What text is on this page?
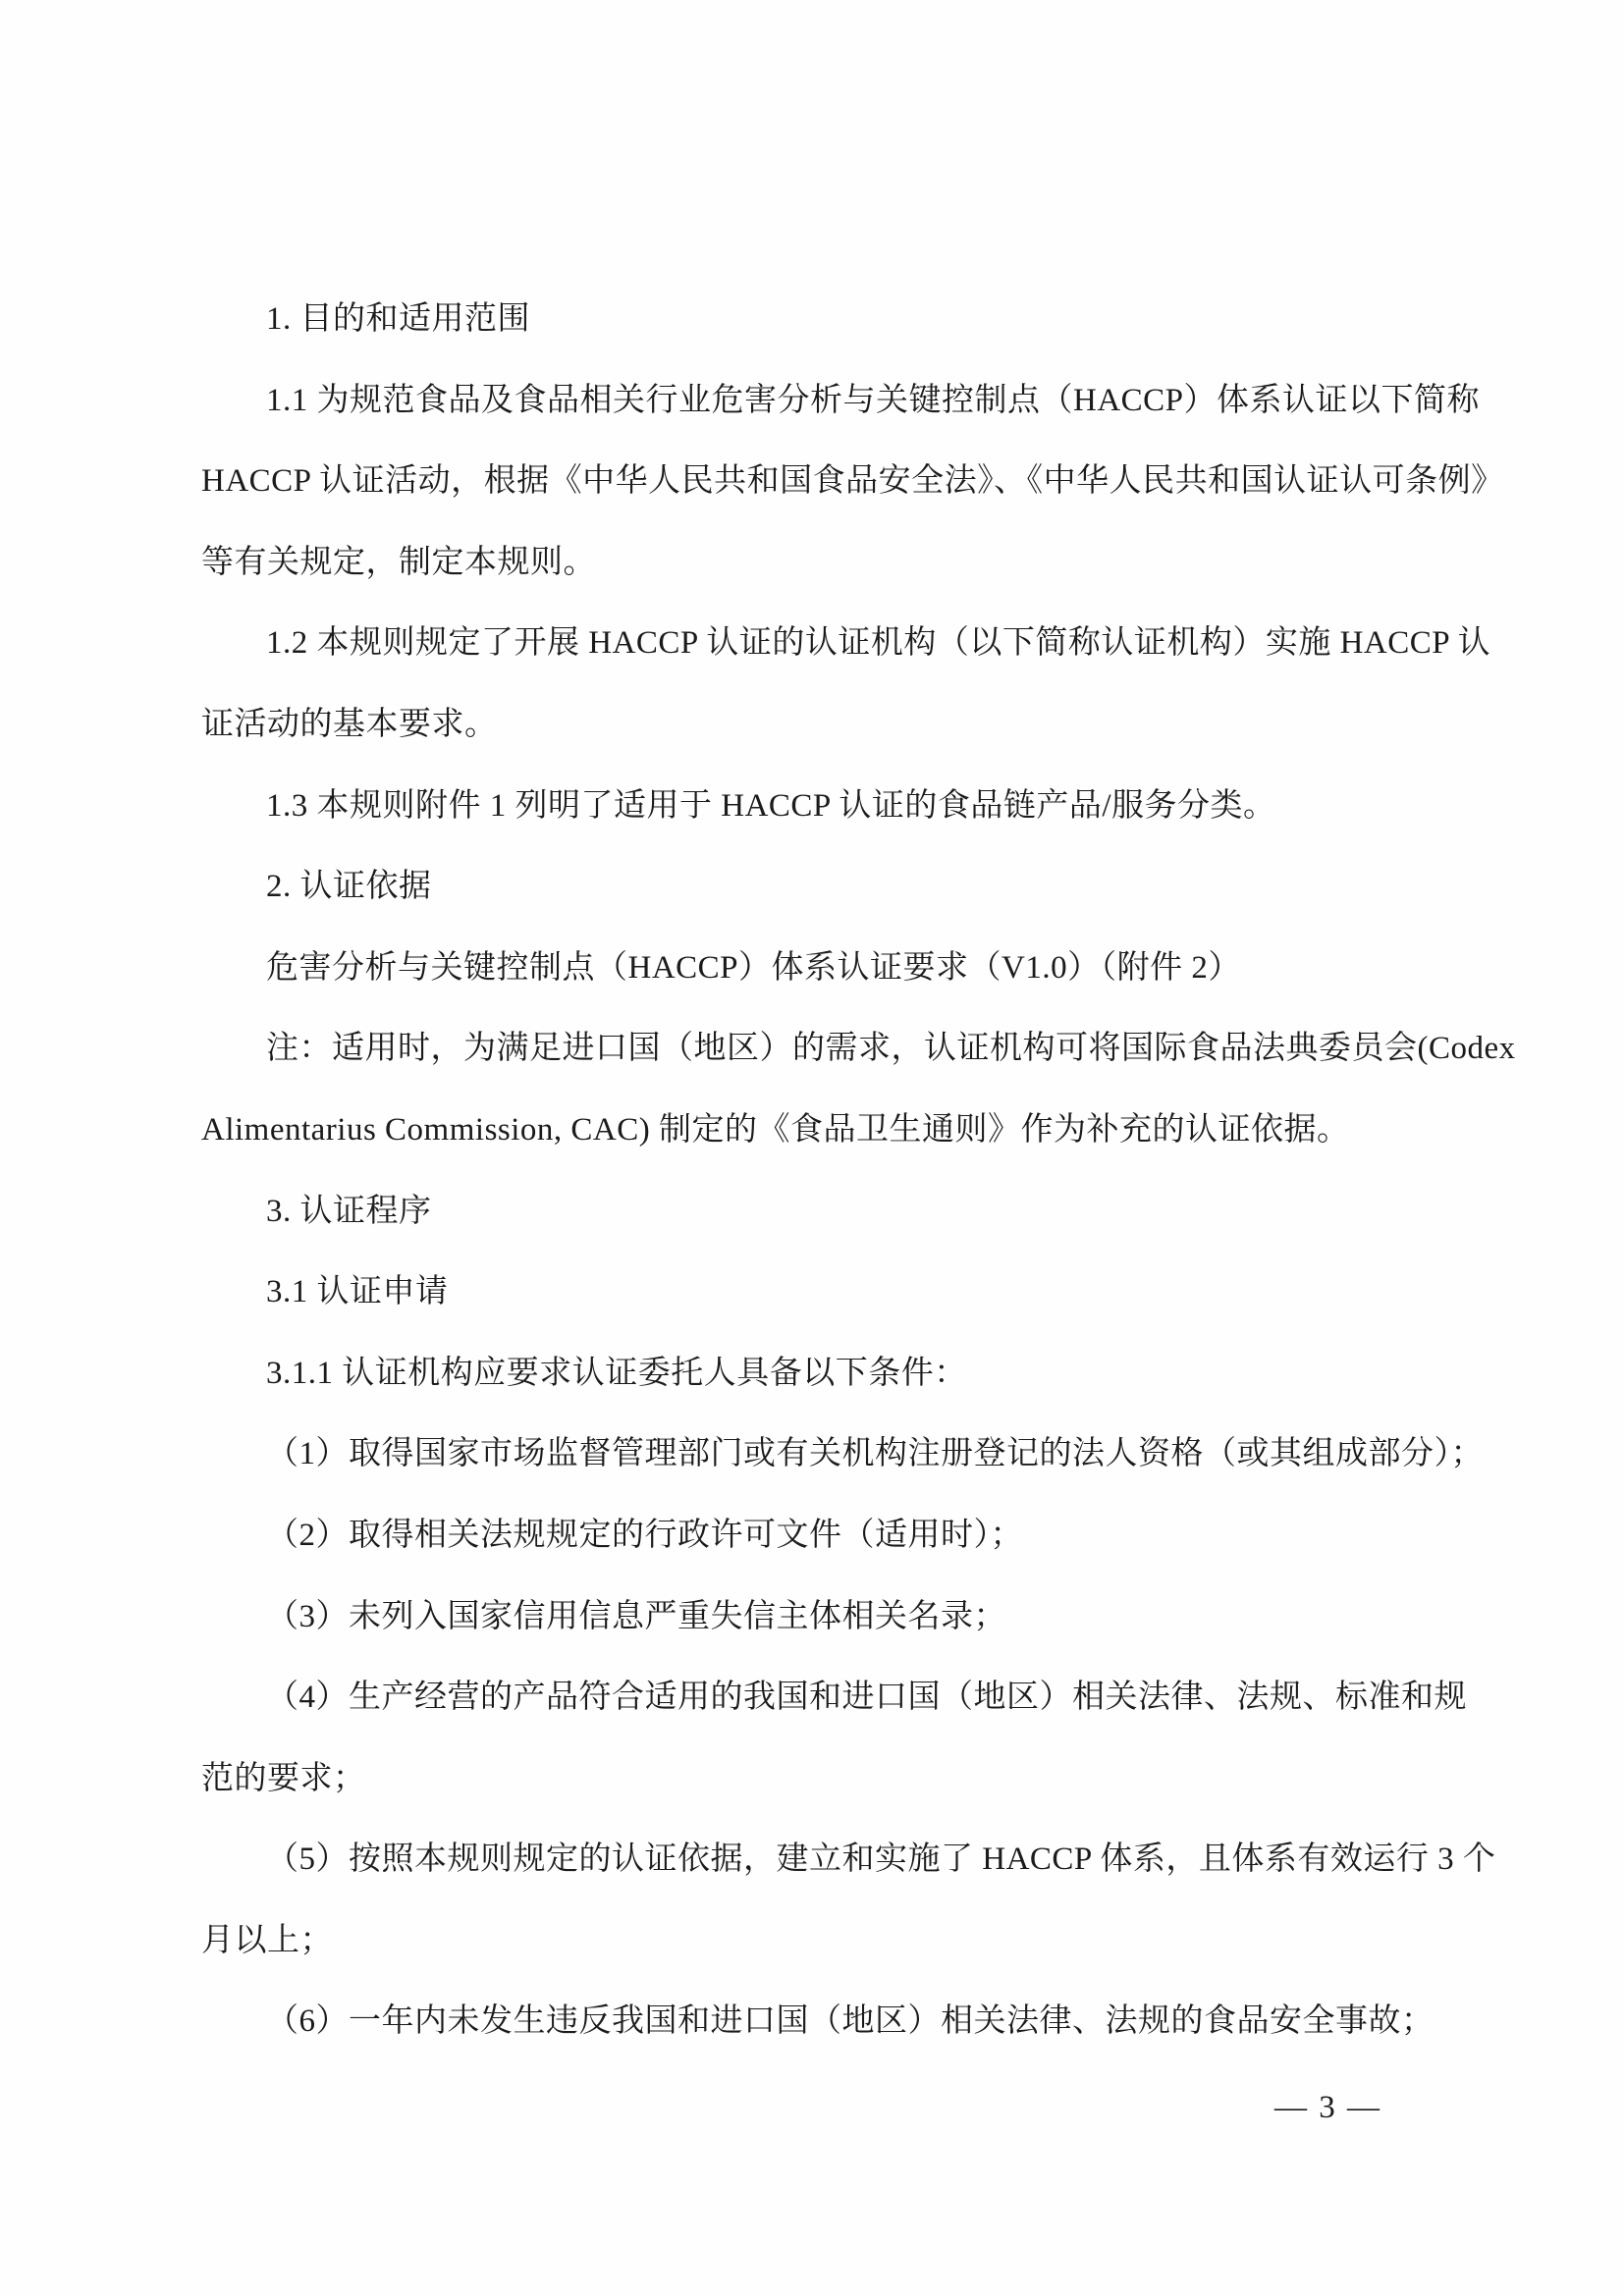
1. 目的和适用范围
1.1 为规范食品及食品相关行业危害分析与关键控制点（HACCP）体系认证以下简称
HACCP 认证活动，根据《中华人民共和国食品安全法》、《中华人民共和国认证认可条例》
等有关规定，制定本规则。
1.2 本规则规定了开展 HACCP 认证的认证机构（以下简称认证机构）实施 HACCP 认
证活动的基本要求。
1.3 本规则附件 1 列明了适用于 HACCP 认证的食品链产品/服务分类。
2. 认证依据
危害分析与关键控制点（HACCP）体系认证要求（V1.0）（附件 2）
注：适用时，为满足进口国（地区）的需求，认证机构可将国际食品法典委员会(Codex
Alimentarius Commission, CAC) 制定的《食品卫生通则》作为补充的认证依据。
3. 认证程序
3.1 认证申请
3.1.1 认证机构应要求认证委托人具备以下条件：
（1）取得国家市场监督管理部门或有关机构注册登记的法人资格（或其组成部分）；
（2）取得相关法规规定的行政许可文件（适用时）；
（3）未列入国家信用信息严重失信主体相关名录；
（4）生产经营的产品符合适用的我国和进口国（地区）相关法律、法规、标准和规
范的要求；
（5）按照本规则规定的认证依据，建立和实施了 HACCP 体系，且体系有效运行 3 个
月以上；
（6）一年内未发生违反我国和进口国（地区）相关法律、法规的食品安全事故；
— 3 —
